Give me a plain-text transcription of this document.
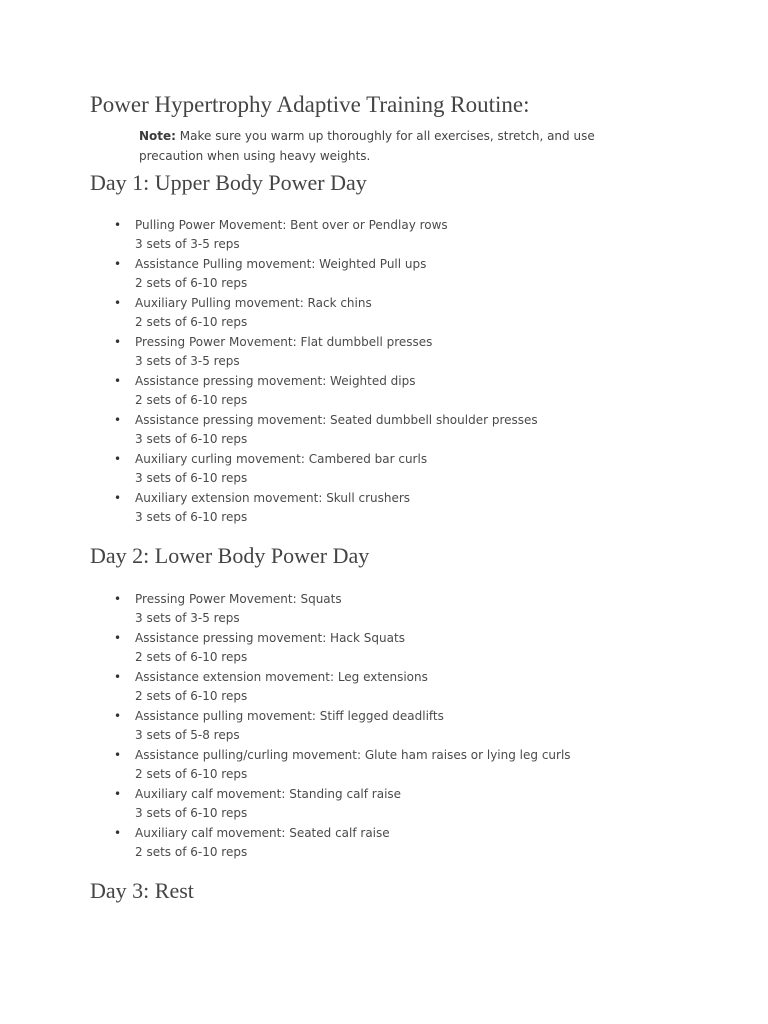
Power Hypertrophy Adaptive Training Routine:

Note: Make sure you warm up thoroughly for all exercises, stretch, and use precaution when using heavy weights.

Day 1: Upper Body Power Day
• Pulling Power Movement: Bent over or Pendlay rows
3 sets of 3-5 reps
• Assistance Pulling movement: Weighted Pull ups
2 sets of 6-10 reps
• Auxiliary Pulling movement: Rack chins
2 sets of 6-10 reps
• Pressing Power Movement: Flat dumbbell presses
3 sets of 3-5 reps
• Assistance pressing movement: Weighted dips
2 sets of 6-10 reps
• Assistance pressing movement: Seated dumbbell shoulder presses
3 sets of 6-10 reps
• Auxiliary curling movement: Cambered bar curls
3 sets of 6-10 reps
• Auxiliary extension movement: Skull crushers
3 sets of 6-10 reps
Day 2: Lower Body Power Day
• Pressing Power Movement: Squats
3 sets of 3-5 reps
• Assistance pressing movement: Hack Squats
2 sets of 6-10 reps
• Assistance extension movement: Leg extensions
2 sets of 6-10 reps
• Assistance pulling movement: Stiff legged deadlifts
3 sets of 5-8 reps
• Assistance pulling/curling movement: Glute ham raises or lying leg curls
2 sets of 6-10 reps
• Auxiliary calf movement: Standing calf raise
3 sets of 6-10 reps
• Auxiliary calf movement: Seated calf raise
2 sets of 6-10 reps
Day 3: Rest
